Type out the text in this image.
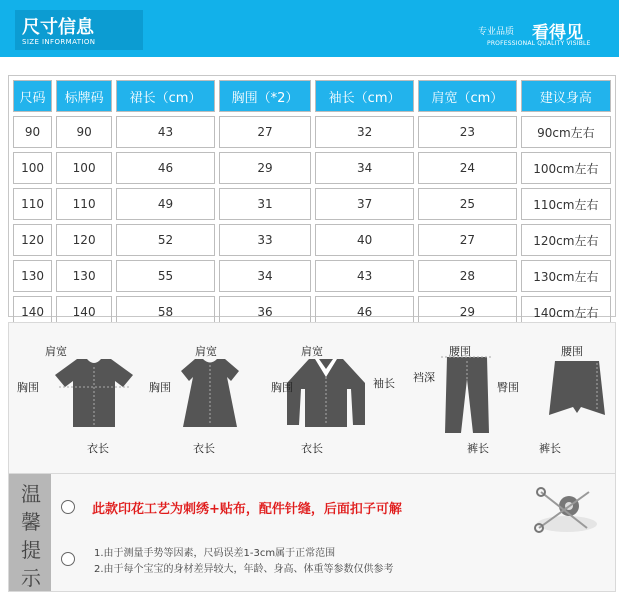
尺寸信息
SIZE INFORMATION
专业品质 看得见
PROFESSIONAL QUALITY VISIBLE
尺码	标牌码	裙长（cm）	胸围（*2）	袖长（cm）	肩宽（cm）	建议身高
90	90	43	27	32	23	90cm左右
100	100	46	29	34	24	100cm左右
110	110	49	31	37	25	110cm左右
120	120	52	33	40	27	120cm左右
130	130	55	34	43	28	130cm左右
140	140	58	36	46	29	140cm左右
肩宽
胸围
衣长
肩宽
胸围
衣长
肩宽
胸围	袖长
衣长
腰围
裆深
臀围
裤长
腰围
裤长
温
馨
提
示
此款印花工艺为刺绣+贴布，配件针缝，后面扣子可解
1.由于测量手势等因素，尺码误差1-3cm属于正常范围
2.由于每个宝宝的身材差异较大，年龄、身高、体重等参数仅供参考
